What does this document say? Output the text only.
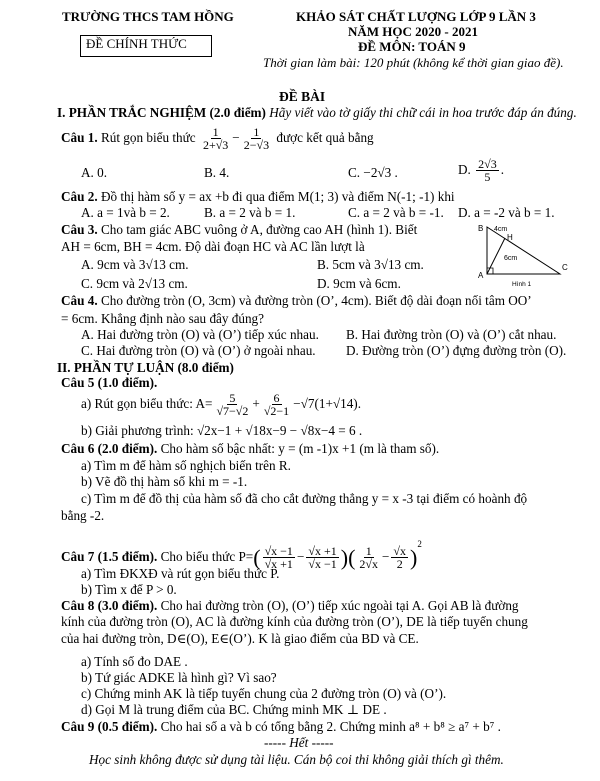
TRƯỜNG THCS TAM HỒNG
ĐỀ CHÍNH THỨC
KHẢO SÁT CHẤT LƯỢNG LỚP 9 LẦN 3
NĂM HỌC 2020 - 2021
ĐỀ MÔN: TOÁN 9
Thời gian làm bài: 120 phút (không kể thời gian giao đề).
ĐỀ BÀI
I. PHẦN TRẮC NGHIỆM (2.0 điểm) Hãy viết vào tờ giấy thi chữ cái in hoa trước đáp án đúng.
Câu 1. Rút gọn biểu thức $\frac{1}{2+√3} - \frac{1}{2-√3}$ được kết quả bằng
A. 0.	B. 4.	C. −2√3 .	D. $\frac{2√3}{5}$ .
Câu 2. Đồ thị hàm số y = ax +b đi qua điểm M(1; 3) và điểm N(-1; -1) khi
A. a = 1và b = 2.	B. a = 2 và b = 1.	C. a = 2 và b = -1. D. a = -2 và b = 1.
Câu 3. Cho tam giác ABC vuông ở A, đường cao AH (hình 1). Biết
AH = 6cm, BH = 4cm. Độ dài đoạn HC và AC lần lượt là
A. 9cm và 3√13 cm.	B. 5cm và 3√13 cm.
C. 9cm và 2√13 cm.	D. 9cm và 6cm.
B
H
A
C
4cm
6cm
Hình 1
Câu 4. Cho đường tròn (O, 3cm) và đường tròn (O’, 4cm). Biết độ dài đoạn nối tâm OO’
= 6cm. Khẳng định nào sau đây đúng?
A. Hai đường tròn (O) và (O’) tiếp xúc nhau. B. Hai đường tròn (O) và (O’) cắt nhau.
C. Hai đường tròn (O) và (O’) ở ngoài nhau. D. Đường tròn (O’) đựng đường tròn (O).
II. PHẦN TỰ LUẬN (8.0 điểm)
Câu 5 (1.0 điểm).
a) Rút gọn biểu thức: $A= \frac{5}{√7-√2} + \frac{6}{√2-1} -√7(1+√14)$.
b) Giải phương trình: √2x−1 + √18x−9 − √8x−4 = 6 .
Câu 6 (2.0 điểm). Cho hàm số bậc nhất: y = (m -1)x +1 (m là tham số).
a) Tìm m để hàm số nghịch biến trên R.
b) Vẽ đồ thị hàm số khi m = -1.
c) Tìm m để đồ thị của hàm số đã cho cắt đường thẳng y = x -3 tại điểm có hoành độ
bằng -2.
Câu 7 (1.5 điểm). Cho biểu thức $P=( \frac{√x -1}{√x +1} - \frac{√x +1}{√x -1}$ )( $\frac{1}{2√x} - \frac{√x}{2} )^2$
a) Tìm ĐKXĐ và rút gọn biểu thức P.
b) Tìm x để P > 0.
Câu 8 (3.0 điểm). Cho hai đường tròn (O), (O’) tiếp xúc ngoài tại A. Gọi AB là đường
kính của đường tròn (O), AC là đường kính của đường tròn (O’), DE là tiếp tuyến chung
của hai đường tròn, D∈(O), E∈(O’). K là giao điểm của BD và CE.
a) Tính số đo DAE .
b) Tứ giác ADKE là hình gì? Vì sao?
c) Chứng minh AK là tiếp tuyến chung của 2 đường tròn (O) và (O’).
d) Gọi M là trung điểm của BC. Chứng minh MK ⊥ DE .
Câu 9 (0.5 điểm). Cho hai số a và b có tổng bằng 2. Chứng minh a⁸ + b⁸ ≥ a⁷ + b⁷ .
----- Hết -----
Học sinh không được sử dụng tài liệu. Cán bộ coi thi không giải thích gì thêm.
